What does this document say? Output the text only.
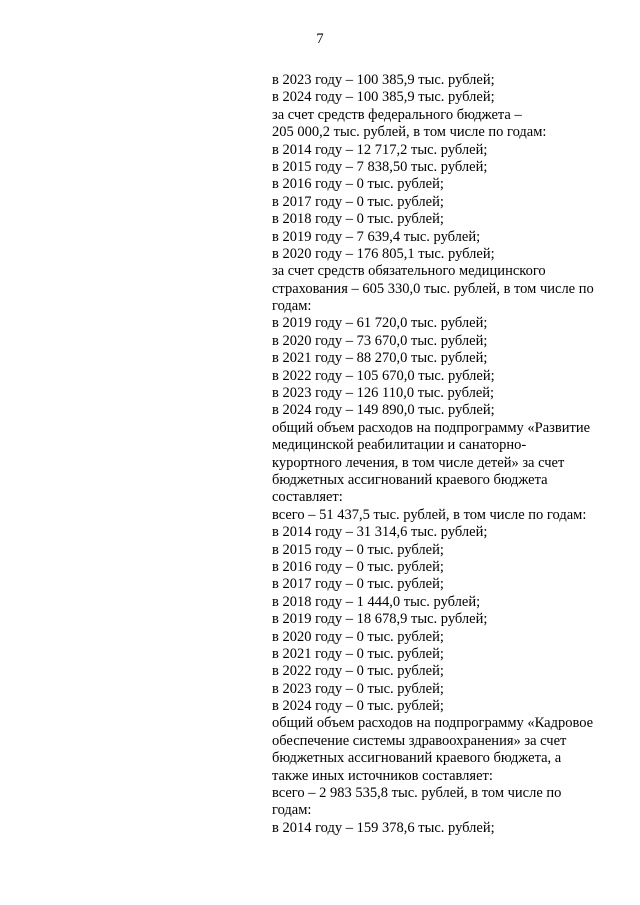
7
в 2023 году – 100 385,9 тыс. рублей;
в 2024 году – 100 385,9 тыс. рублей;
за счет средств федерального бюджета –
205 000,2 тыс. рублей, в том числе по годам:
в 2014 году – 12 717,2 тыс. рублей;
в 2015 году – 7 838,50 тыс. рублей;
в 2016 году – 0 тыс. рублей;
в 2017 году – 0 тыс. рублей;
в 2018 году – 0 тыс. рублей;
в 2019 году – 7 639,4 тыс. рублей;
в 2020 году – 176 805,1 тыс. рублей;
за счет средств обязательного медицинского
страхования – 605 330,0 тыс. рублей, в том числе по
годам:
в 2019 году – 61 720,0 тыс. рублей;
в 2020 году – 73 670,0 тыс. рублей;
в 2021 году – 88 270,0 тыс. рублей;
в 2022 году – 105 670,0 тыс. рублей;
в 2023 году – 126 110,0 тыс. рублей;
в 2024 году – 149 890,0 тыс. рублей;
общий объем расходов на подпрограмму «Развитие
медицинской реабилитации и санаторно-
курортного лечения, в том числе детей» за счет
бюджетных ассигнований краевого бюджета
составляет:
всего – 51 437,5 тыс. рублей, в том числе по годам:
в 2014 году – 31 314,6 тыс. рублей;
в 2015 году – 0 тыс. рублей;
в 2016 году – 0 тыс. рублей;
в 2017 году – 0 тыс. рублей;
в 2018 году – 1 444,0 тыс. рублей;
в 2019 году – 18 678,9 тыс. рублей;
в 2020 году – 0 тыс. рублей;
в 2021 году – 0 тыс. рублей;
в 2022 году – 0 тыс. рублей;
в 2023 году – 0 тыс. рублей;
в 2024 году – 0 тыс. рублей;
общий объем расходов на подпрограмму «Кадровое
обеспечение системы здравоохранения» за счет
бюджетных ассигнований краевого бюджета, а
также иных источников составляет:
всего – 2 983 535,8 тыс. рублей, в том числе по
годам:
в 2014 году – 159 378,6 тыс. рублей;
